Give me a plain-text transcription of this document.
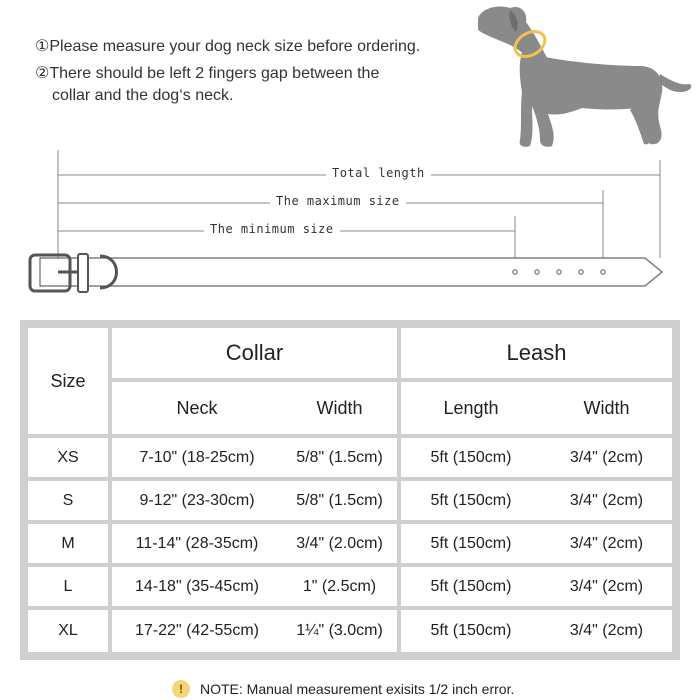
①Please measure your dog neck size before ordering.
②There should be left 2 fingers gap between the
collar and the dog‘s neck.
Total length
The maximum size
The minimum size
Size
Collar	Leash
Neck	Width	Length	Width
XS	7-10" (18-25cm)	5/8" (1.5cm)	5ft (150cm)	3/4" (2cm)
S	9-12" (23-30cm)	5/8" (1.5cm)	5ft (150cm)	3/4" (2cm)
M	11-14" (28-35cm)	3/4" (2.0cm)	5ft (150cm)	3/4" (2cm)
L	14-18" (35-45cm)	1" (2.5cm)	5ft (150cm)	3/4" (2cm)
XL	17-22" (42-55cm)	1¼" (3.0cm)	5ft (150cm)	3/4" (2cm)
!	NOTE: Manual measurement exisits 1/2 inch error.
